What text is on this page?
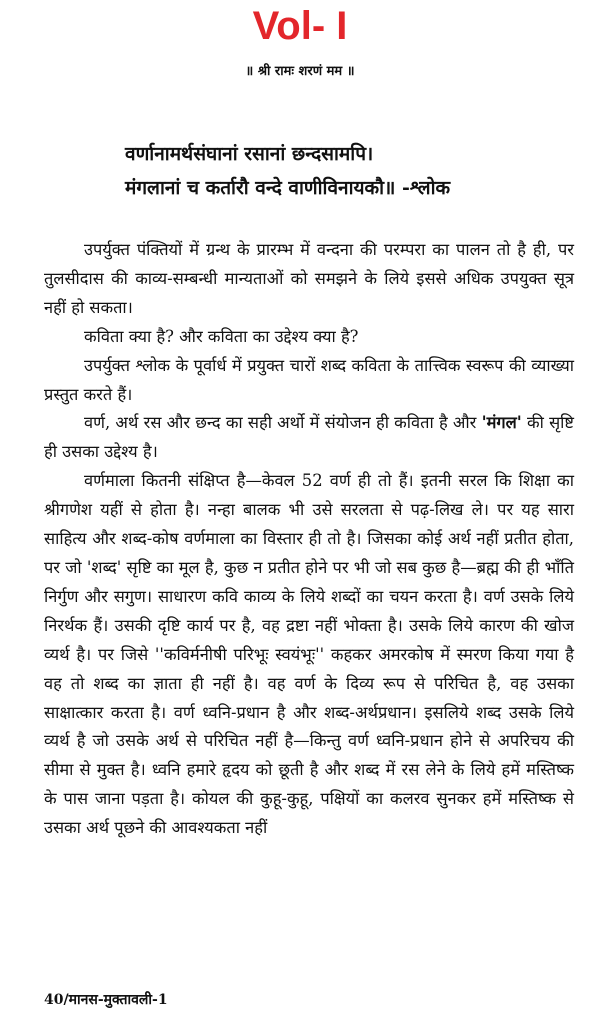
Vol- I
॥ श्री रामः शरणं मम ॥
वर्णानामर्थसंघानां रसानां छन्दसामपि।
मंगलानां च कर्तारौ वन्दे वाणीविनायकौ॥ -श्लोक

उपर्युक्त पंक्तियों में ग्रन्थ के प्रारम्भ में वन्दना की परम्परा का पालन तो है ही, पर तुलसीदास की काव्य-सम्बन्धी मान्यताओं को समझने के लिये इससे अधिक उपयुक्त सूत्र नहीं हो सकता।

कविता क्या है? और कविता का उद्देश्य क्या है?

उपर्युक्त श्लोक के पूर्वार्ध में प्रयुक्त चारों शब्द कविता के तात्त्विक स्वरूप की व्याख्या प्रस्तुत करते हैं।

वर्ण, अर्थ रस और छन्द का सही अर्थो में संयोजन ही कविता है और 'मंगल' की सृष्टि ही उसका उद्देश्य है।

वर्णमाला कितनी संक्षिप्त है—केवल 52 वर्ण ही तो हैं। इतनी सरल कि शिक्षा का श्रीगणेश यहीं से होता है। नन्हा बालक भी उसे सरलता से पढ़-लिख ले। पर यह सारा साहित्य और शब्द-कोष वर्णमाला का विस्तार ही तो है। जिसका कोई अर्थ नहीं प्रतीत होता, पर जो 'शब्द' सृष्टि का मूल है, कुछ न प्रतीत होने पर भी जो सब कुछ है—ब्रह्म की ही भाँति निर्गुण और सगुण। साधारण कवि काव्य के लिये शब्दों का चयन करता है। वर्ण उसके लिये निरर्थक हैं। उसकी दृष्टि कार्य पर है, वह द्रष्टा नहीं भोक्ता है। उसके लिये कारण की खोज व्यर्थ है। पर जिसे ''कविर्मनीषी परिभूः स्वयंभूः'' कहकर अमरकोष में स्मरण किया गया है वह तो शब्द का ज्ञाता ही नहीं है। वह वर्ण के दिव्य रूप से परिचित है, वह उसका साक्षात्कार करता है। वर्ण ध्वनि-प्रधान है और शब्द-अर्थप्रधान। इसलिये शब्द उसके लिये व्यर्थ है जो उसके अर्थ से परिचित नहीं है—किन्तु वर्ण ध्वनि-प्रधान होने से अपरिचय की सीमा से मुक्त है। ध्वनि हमारे हृदय को छूती है और शब्द में रस लेने के लिये हमें मस्तिष्क के पास जाना पड़ता है। कोयल की कुहू-कुहू, पक्षियों का कलरव सुनकर हमें मस्तिष्क से उसका अर्थ पूछने की आवश्यकता नहीं

40/मानस-मुक्तावली-1
